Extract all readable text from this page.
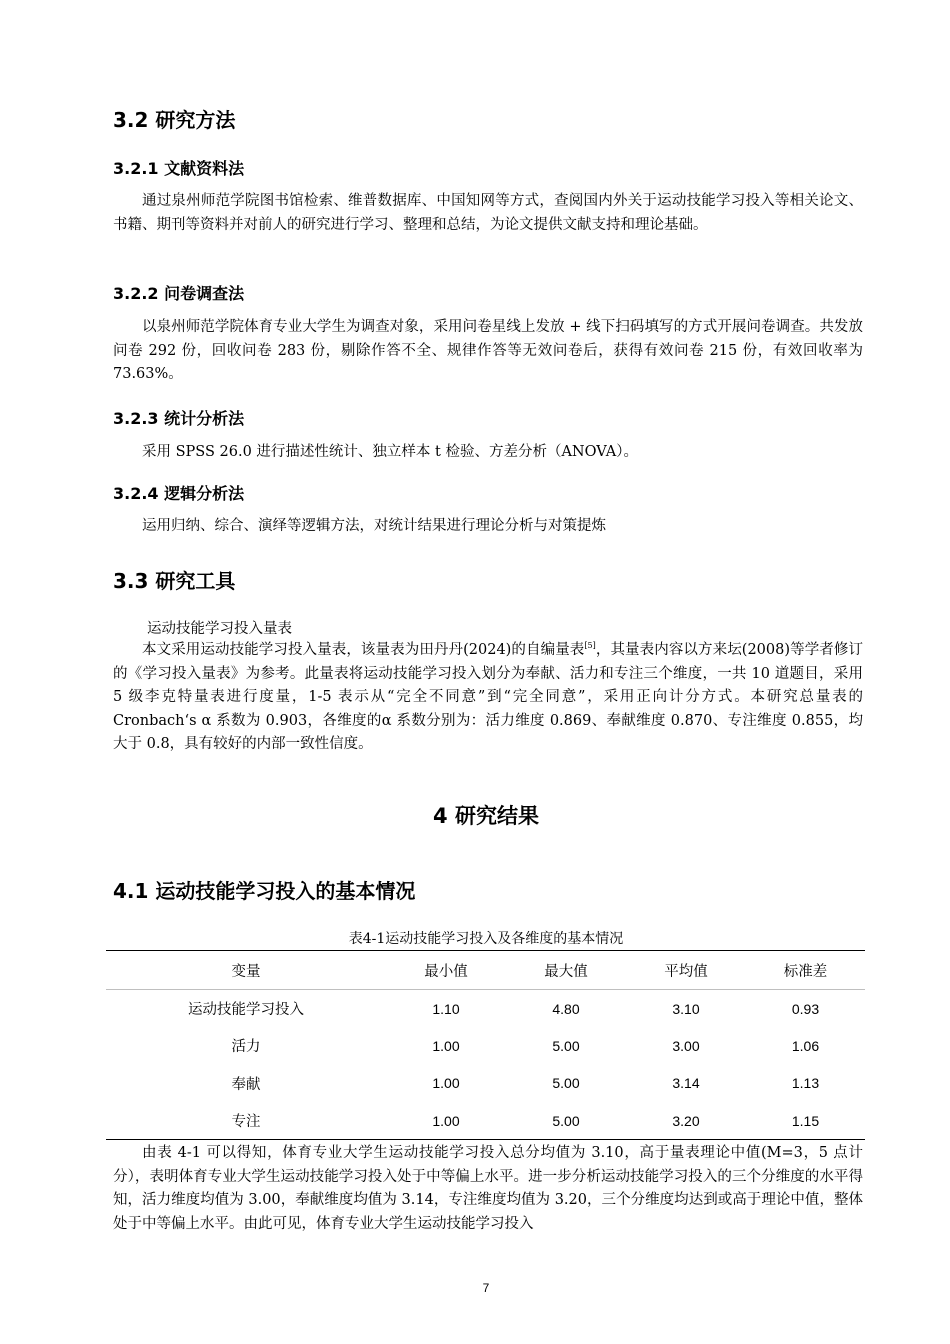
3.2 研究方法
3.2.1 文献资料法

通过泉州师范学院图书馆检索、维普数据库、中国知网等方式，查阅国内外关于运动技能学习投入等相关论文、书籍、期刊等资料并对前人的研究进行学习、整理和总结，为论文提供文献支持和理论基础。

3.2.2 问卷调查法

以泉州师范学院体育专业大学生为调查对象，采用问卷星线上发放 + 线下扫码填写的方式开展问卷调查。共发放问卷 292 份，回收问卷 283 份，剔除作答不全、规律作答等无效问卷后，获得有效问卷 215 份，有效回收率为 73.63%。

3.2.3 统计分析法

采用 SPSS 26.0 进行描述性统计、独立样本 t 检验、方差分析（ANOVA）。

3.2.4 逻辑分析法

运用归纳、综合、演绎等逻辑方法，对统计结果进行理论分析与对策提炼

3.3 研究工具

运动技能学习投入量表

本文采用运动技能学习投入量表，该量表为田丹丹(2024)的自编量表[5]，其量表内容以方来坛(2008)等学者修订的《学习投入量表》为参考。此量表将运动技能学习投入划分为奉献、活力和专注三个维度，一共 10 道题目，采用 5 级李克特量表进行度量，1-5 表示从“完全不同意”到“完全同意”，采用正向计分方式。本研究总量表的 Cronbach‘s α 系数为 0.903，各维度的α 系数分别为：活力维度 0.869、奉献维度 0.870、专注维度 0.855，均大于 0.8，具有较好的内部一致性信度。

4 研究结果
4.1 运动技能学习投入的基本情况

表4-1运动技能学习投入及各维度的基本情况

变量	最小值	最大值	平均值	标准差
运动技能学习投入	1.10	4.80	3.10	0.93
活力	1.00	5.00	3.00	1.06
奉献	1.00	5.00	3.14	1.13
专注	1.00	5.00	3.20	1.15

由表 4-1 可以得知，体育专业大学生运动技能学习投入总分均值为 3.10，高于量表理论中值(M=3，5 点计分），表明体育专业大学生运动技能学习投入处于中等偏上水平。进一步分析运动技能学习投入的三个分维度的水平得知，活力维度均值为 3.00，奉献维度均值为 3.14，专注维度均值为 3.20，三个分维度均达到或高于理论中值，整体处于中等偏上水平。由此可见，体育专业大学生运动技能学习投入

7
